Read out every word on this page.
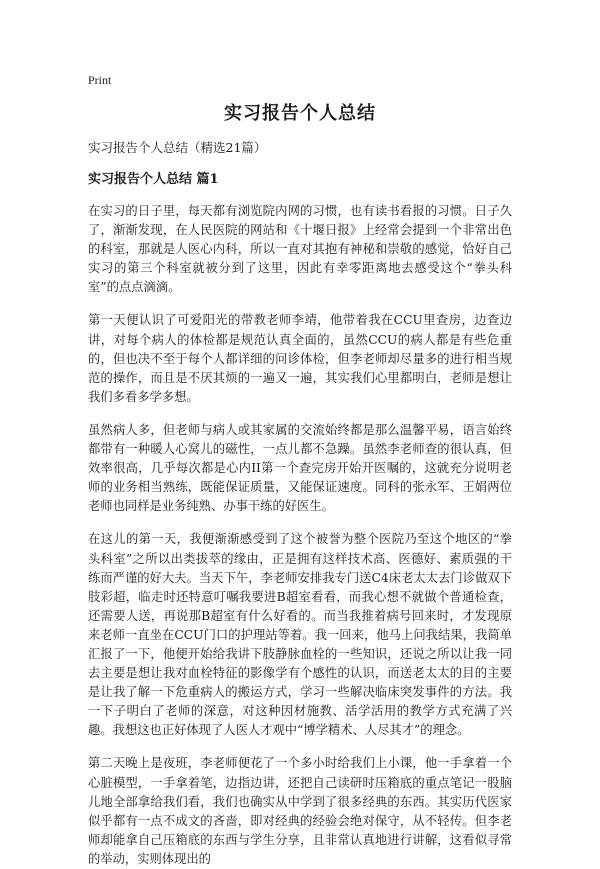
Print
实习报告个人总结
实习报告个人总结（精选21篇）
实习报告个人总结 篇1

在实习的日子里，每天都有浏览院内网的习惯，也有读书看报的习惯。日子久了，渐渐发现，在人民医院的网站和《十堰日报》上经常会提到一个非常出色的科室，那就是人医心内科，所以一直对其抱有神秘和崇敬的感觉，恰好自己实习的第三个科室就被分到了这里，因此有幸零距离地去感受这个“拳头科室”的点点滴滴。

第一天便认识了可爱阳光的带教老师李靖，他带着我在CCU里查房，边查边讲，对每个病人的体检都是规范认真全面的，虽然CCU的病人都是有些危重的，但也决不至于每个人都详细的问诊体检，但李老师却尽量多的进行相当规范的操作，而且是不厌其烦的一遍又一遍，其实我们心里都明白，老师是想让我们多看多学多想。

虽然病人多，但老师与病人或其家属的交流始终都是那么温馨平易，语言始终都带有一种暖人心窝儿的磁性，一点儿都不急躁。虽然李老师查的很认真，但效率很高，几乎每次都是心内II第一个查完房开始开医嘱的，这就充分说明老师的业务相当熟练，既能保证质量，又能保证速度。同科的张永军、王娟两位老师也同样是业务纯熟、办事干练的好医生。

在这儿的第一天，我便渐渐感受到了这个被誉为整个医院乃至这个地区的“拳头科室”之所以出类拔萃的缘由，正是拥有这样技术高、医德好、素质强的干练而严谨的好大夫。当天下午，李老师安排我专门送C4床老太太去门诊做双下肢彩超，临走时还特意叮嘱我要进B超室看看，而我心想不就做个普通检查，还需要人送，再说那B超室有什么好看的。而当我推着病号回来时，才发现原来老师一直坐在CCU门口的护理站等着。我一回来，他马上问我结果，我简单汇报了一下，他便开始给我讲下肢静脉血栓的一些知识，还说之所以让我一同去主要是想让我对血栓特征的影像学有个感性的认识，而送老太太的目的主要是让我了解一下危重病人的搬运方式，学习一些解决临床突发事件的方法。我一下子明白了老师的深意，对这种因材施教、活学活用的教学方式充满了兴趣。我想这也正好体现了人医人才观中“博学精术、人尽其才”的理念。

第二天晚上是夜班，李老师便花了一个多小时给我们上小课，他一手拿着一个心脏模型，一手拿着笔，边指边讲，还把自己读研时压箱底的重点笔记一股脑儿地全部拿给我们看，我们也确实从中学到了很多经典的东西。其实历代医家似乎都有一点不成文的吝啬，即对经典的经验会绝对保守，从不轻传。但李老师却能拿自己压箱底的东西与学生分享，且非常认真地进行讲解，这看似寻常的举动，实则体现出的
